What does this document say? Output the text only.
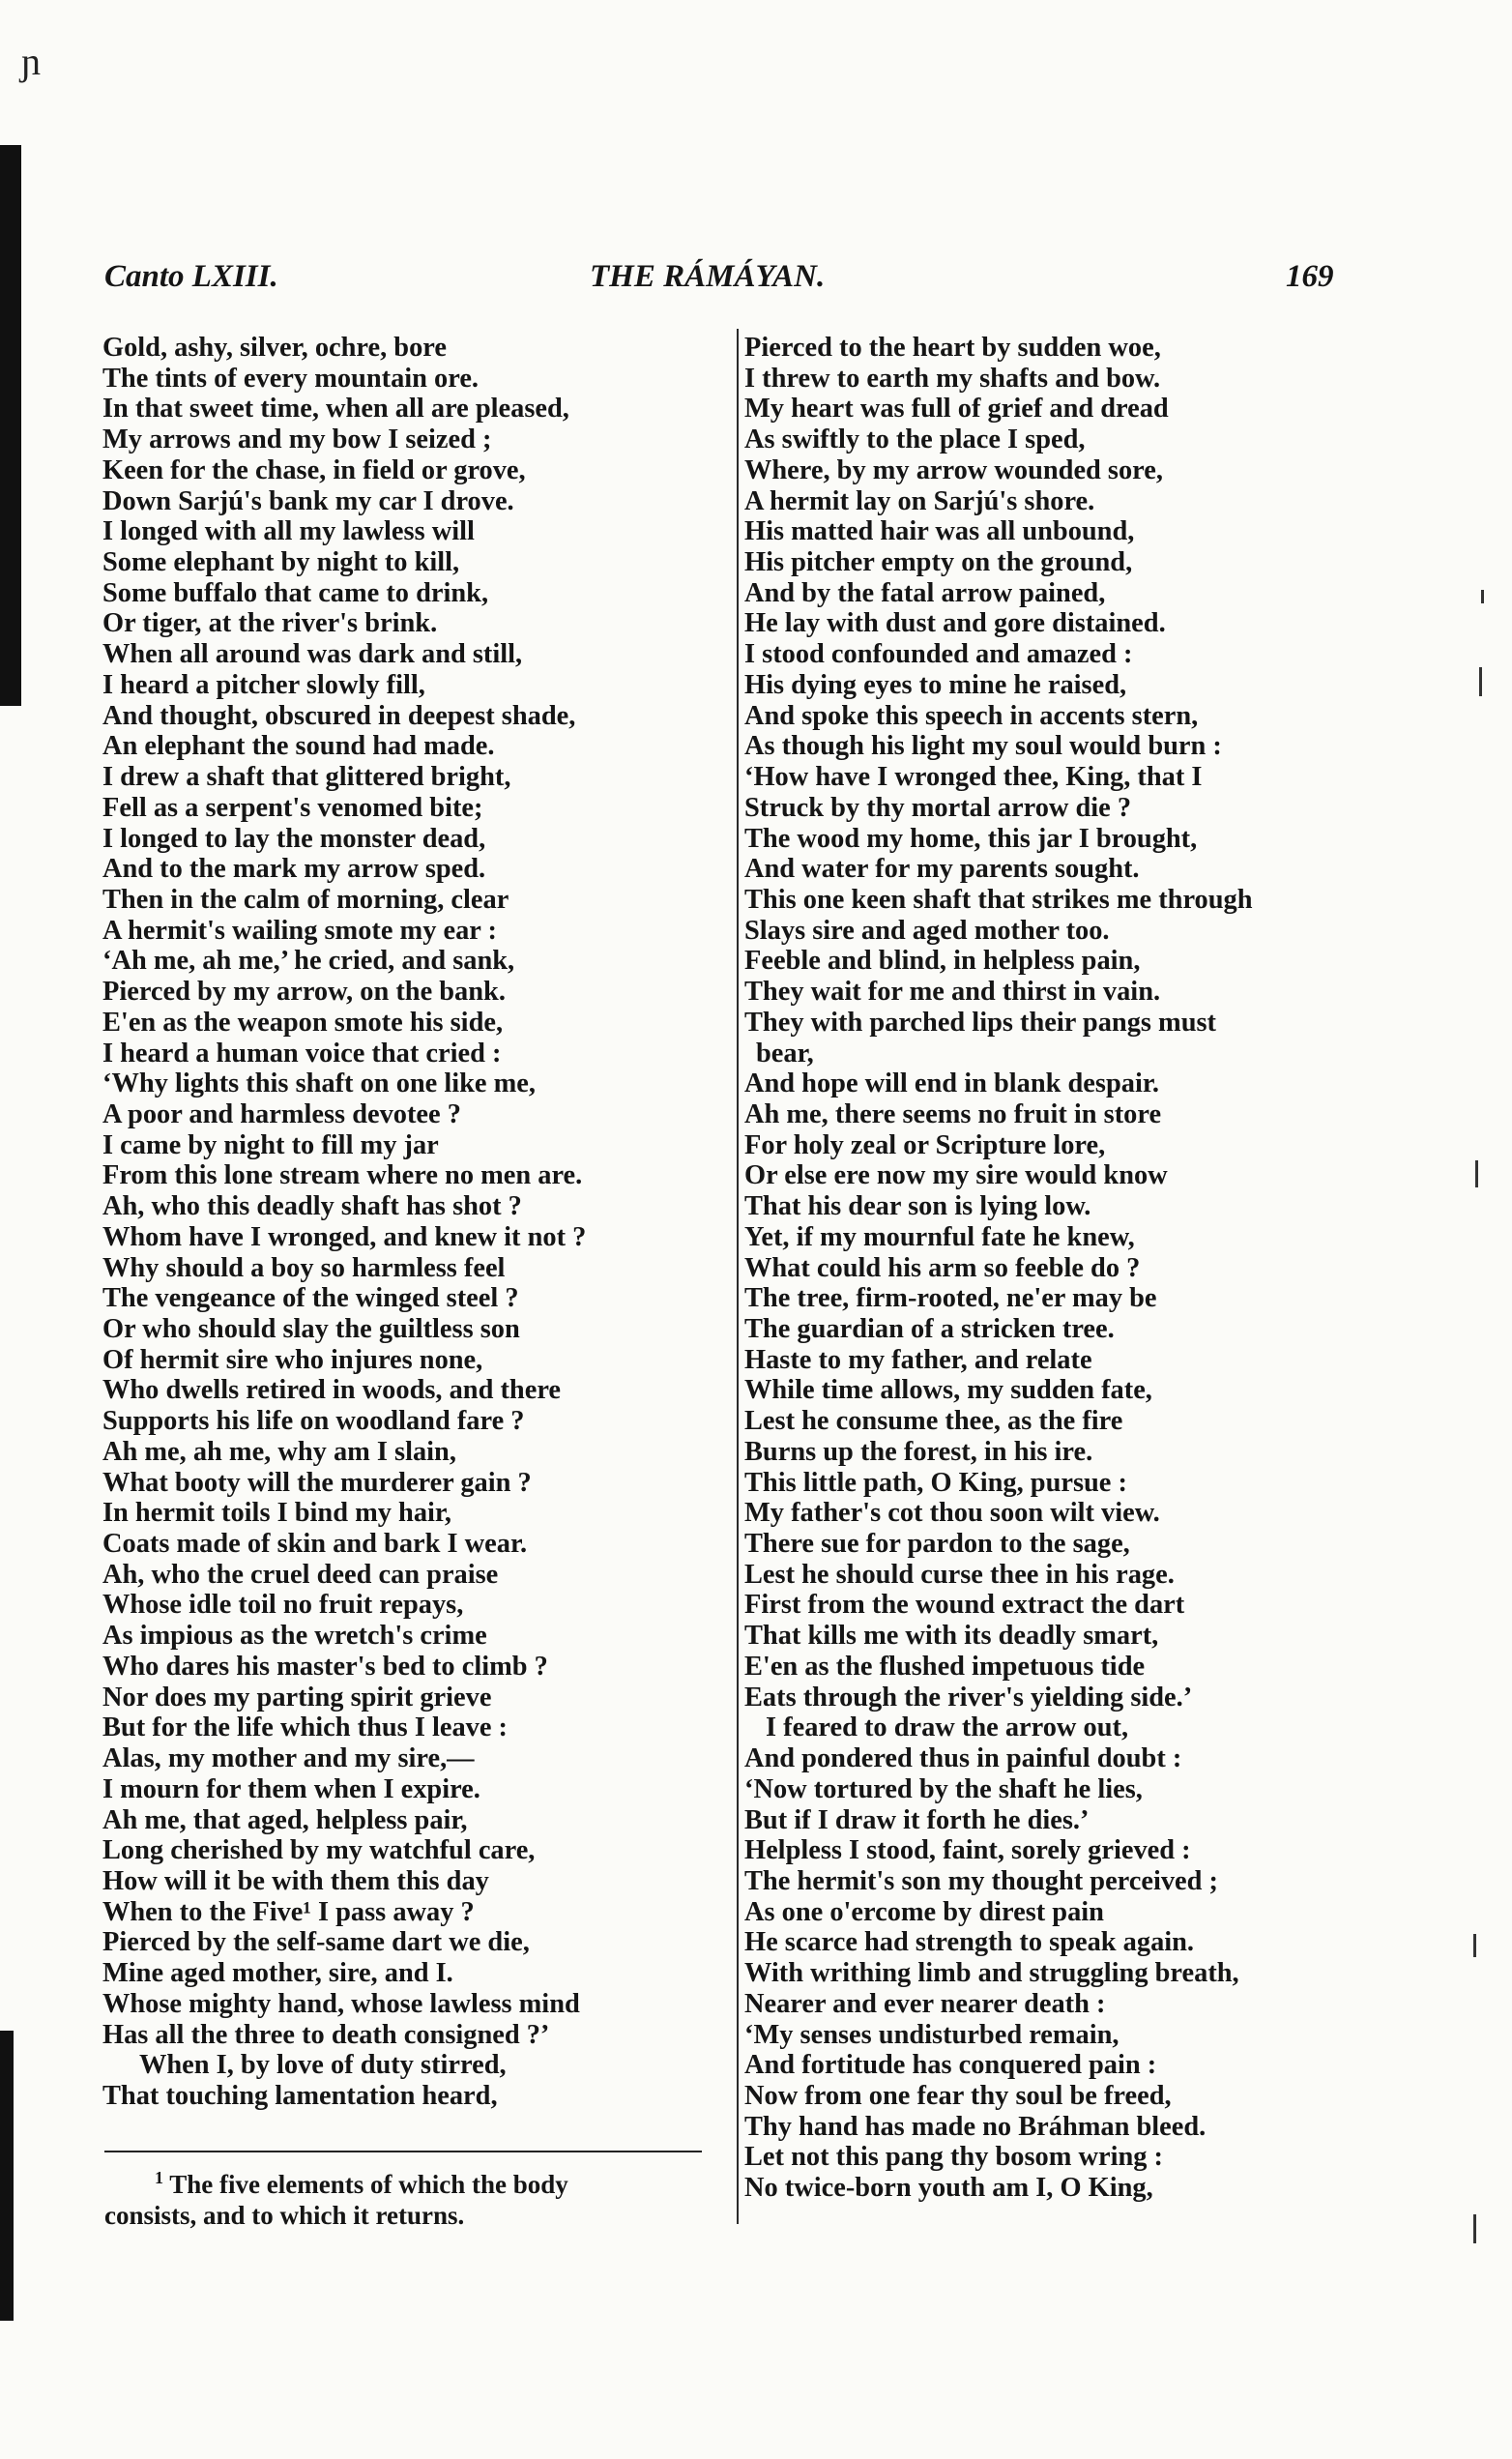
ɲ
Canto LXIII.	THE RÁMÁYAN.	169
Gold, ashy, silver, ochre, bore
The tints of every mountain ore.
In that sweet time, when all are pleased,
My arrows and my bow I seized ;
Keen for the chase, in field or grove,
Down Sarjú's bank my car I drove.
I longed with all my lawless will
Some elephant by night to kill,
Some buffalo that came to drink,
Or tiger, at the river's brink.
When all around was dark and still,
I heard a pitcher slowly fill,
And thought, obscured in deepest shade,
An elephant the sound had made.
I drew a shaft that glittered bright,
Fell as a serpent's venomed bite;
I longed to lay the monster dead,
And to the mark my arrow sped.
Then in the calm of morning, clear
A hermit's wailing smote my ear :
‘Ah me, ah me,’ he cried, and sank,
Pierced by my arrow, on the bank.
E'en as the weapon smote his side,
I heard a human voice that cried :
‘Why lights this shaft on one like me,
A poor and harmless devotee ?
I came by night to fill my jar
From this lone stream where no men are.
Ah, who this deadly shaft has shot ?
Whom have I wronged, and knew it not ?
Why should a boy so harmless feel
The vengeance of the winged steel ?
Or who should slay the guiltless son
Of hermit sire who injures none,
Who dwells retired in woods, and there
Supports his life on woodland fare ?
Ah me, ah me, why am I slain,
What booty will the murderer gain ?
In hermit toils I bind my hair,
Coats made of skin and bark I wear.
Ah, who the cruel deed can praise
Whose idle toil no fruit repays,
As impious as the wretch's crime
Who dares his master's bed to climb ?
Nor does my parting spirit grieve
But for the life which thus I leave :
Alas, my mother and my sire,—
I mourn for them when I expire.
Ah me, that aged, helpless pair,
Long cherished by my watchful care,
How will it be with them this day
When to the Five¹ I pass away ?
Pierced by the self-same dart we die,
Mine aged mother, sire, and I.
Whose mighty hand, whose lawless mind
Has all the three to death consigned ?’
When I, by love of duty stirred,
That touching lamentation heard,
Pierced to the heart by sudden woe,
I threw to earth my shafts and bow.
My heart was full of grief and dread
As swiftly to the place I sped,
Where, by my arrow wounded sore,
A hermit lay on Sarjú's shore.
His matted hair was all unbound,
His pitcher empty on the ground,
And by the fatal arrow pained,
He lay with dust and gore distained.
I stood confounded and amazed :
His dying eyes to mine he raised,
And spoke this speech in accents stern,
As though his light my soul would burn :
‘How have I wronged thee, King, that I
Struck by thy mortal arrow die ?
The wood my home, this jar I brought,
And water for my parents sought.
This one keen shaft that strikes me through
Slays sire and aged mother too.
Feeble and blind, in helpless pain,
They wait for me and thirst in vain.
They with parched lips their pangs must
bear,
And hope will end in blank despair.
Ah me, there seems no fruit in store
For holy zeal or Scripture lore,
Or else ere now my sire would know
That his dear son is lying low.
Yet, if my mournful fate he knew,
What could his arm so feeble do ?
The tree, firm-rooted, ne'er may be
The guardian of a stricken tree.
Haste to my father, and relate
While time allows, my sudden fate,
Lest he consume thee, as the fire
Burns up the forest, in his ire.
This little path, O King, pursue :
My father's cot thou soon wilt view.
There sue for pardon to the sage,
Lest he should curse thee in his rage.
First from the wound extract the dart
That kills me with its deadly smart,
E'en as the flushed impetuous tide
Eats through the river's yielding side.’
I feared to draw the arrow out,
And pondered thus in painful doubt :
‘Now tortured by the shaft he lies,
But if I draw it forth he dies.’
Helpless I stood, faint, sorely grieved :
The hermit's son my thought perceived ;
As one o'ercome by direst pain
He scarce had strength to speak again.
With writhing limb and struggling breath,
Nearer and ever nearer death :
‘My senses undisturbed remain,
And fortitude has conquered pain :
Now from one fear thy soul be freed,
Thy hand has made no Bráhman bleed.
Let not this pang thy bosom wring :
No twice-born youth am I, O King,
$^1$ The five elements of which the body
consists, and to which it returns.
